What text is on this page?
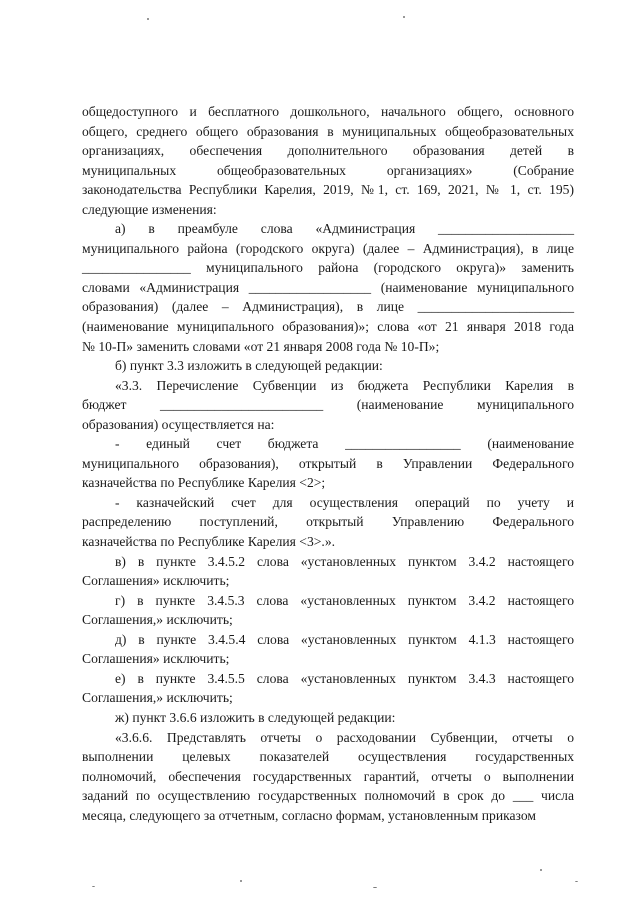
общедоступного и бесплатного дошкольного, начального общего, основного
общего, среднего общего образования в муниципальных общеобразовательных
организациях, обеспечения дополнительного образования детей в
муниципальных общеобразовательных организациях» (Собрание
законодательства Республики Карелия, 2019, №1, ст. 169, 2021, № 1, ст. 195)
следующие изменения:
а) в преамбуле слова «Администрация ____________________
муниципального района (городского округа) (далее – Администрация), в лице
________________ муниципального района (городского округа)» заменить
словами «Администрация __________________ (наименование муниципального
образования) (далее – Администрация), в лице _______________________
(наименование муниципального образования)»; слова «от 21 января 2018 года
№ 10-П» заменить словами «от 21 января 2008 года № 10-П»;
б) пункт 3.3 изложить в следующей редакции:
«3.3. Перечисление Субвенции из бюджета Республики Карелия в
бюджет ________________________ (наименование муниципального
образования) осуществляется на:
- единый счет бюджета _________________ (наименование
муниципального образования), открытый в Управлении Федерального
казначейства по Республике Карелия <2>;
- казначейский счет для осуществления операций по учету и
распределению поступлений, открытый Управлению Федерального
казначейства по Республике Карелия <3>.».
в) в пункте 3.4.5.2 слова «установленных пунктом 3.4.2 настоящего
Соглашения» исключить;
г) в пункте 3.4.5.3 слова «установленных пунктом 3.4.2 настоящего
Соглашения,» исключить;
д) в пункте 3.4.5.4 слова «установленных пунктом 4.1.3 настоящего
Соглашения» исключить;
е) в пункте 3.4.5.5 слова «установленных пунктом 3.4.3 настоящего
Соглашения,» исключить;
ж) пункт 3.6.6 изложить в следующей редакции:
«3.6.6. Представлять отчеты о расходовании Субвенции, отчеты о
выполнении целевых показателей осуществления государственных
полномочий, обеспечения государственных гарантий, отчеты о выполнении
заданий по осуществлению государственных полномочий в срок до ___ числа
месяца, следующего за отчетным, согласно формам, установленным приказом
